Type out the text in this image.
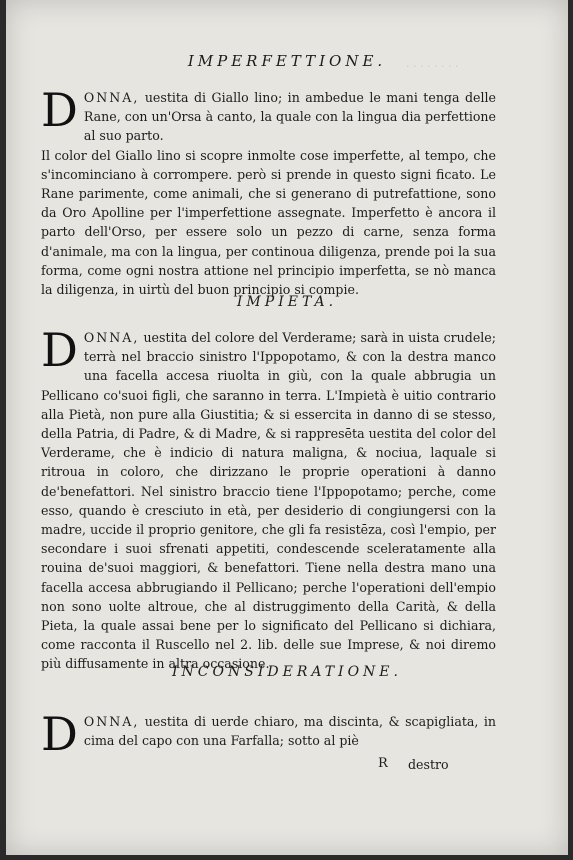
· · · · · · · ·
IMPERFETTIONE.

DONNA, uestita di Giallo lino; in ambedue le mani tenga delle Rane, con un'Orsa à canto, la quale con la lingua dia perfettione al suo parto.

Il color del Giallo lino si scopre inmolte cose imperfette, al tempo, che s'incominciano à corrompere. però si prende in questo signi ficato. Le Rane parimente, come animali, che si generano di putrefattione, sono da Oro Apolline per l'imperfettione assegnate. Imperfetto è ancora il parto dell'Orso, per essere solo un pezzo di carne, senza forma d'animale, ma con la lingua, per continoua diligenza, prende poi la sua forma, come ogni nostra attione nel principio imperfetta, se nò manca la diligenza, in uirtù del buon principio si compie.

IMPIETA.

DONNA, uestita del colore del Verderame; sarà in uista crudele; terrà nel braccio sinistro l'Ippopotamo, & con la destra manco una facella accesa riuolta in giù, con la quale abbrugia un Pellicano co'suoi figli, che saranno in terra. L'Impietà è uitio contrario alla Pietà, non pure alla Giustitia; & si essercita in danno di se stesso, della Patria, di Padre, & di Madre, & si rappresēta uestita del color del Verderame, che è indicio di natura maligna, & nociua, laquale si ritroua in coloro, che dirizzano le proprie operationi à danno de'benefattori. Nel sinistro braccio tiene l'Ippopotamo; perche, come esso, quando è cresciuto in età, per desiderio di congiungersi con la madre, uccide il proprio genitore, che gli fa resistēza, così l'empio, per secondare i suoi sfrenati appetiti, condescende sceleratamente alla rouina de'suoi maggiori, & benefattori. Tiene nella destra mano una facella accesa abbrugiando il Pellicano; perche l'operationi dell'empio non sono uolte altroue, che al distruggimento della Carità, & della Pieta, la quale assai bene per lo significato del Pellicano si dichiara, come racconta il Ruscello nel 2. lib. delle sue Imprese, & noi diremo più diffusamente in altra occasione.

INCONSIDERATIONE.

DONNA, uestita di uerde chiaro, ma discinta, & scapigliata, in cima del capo con una Farfalla; sotto al piè

R destro
